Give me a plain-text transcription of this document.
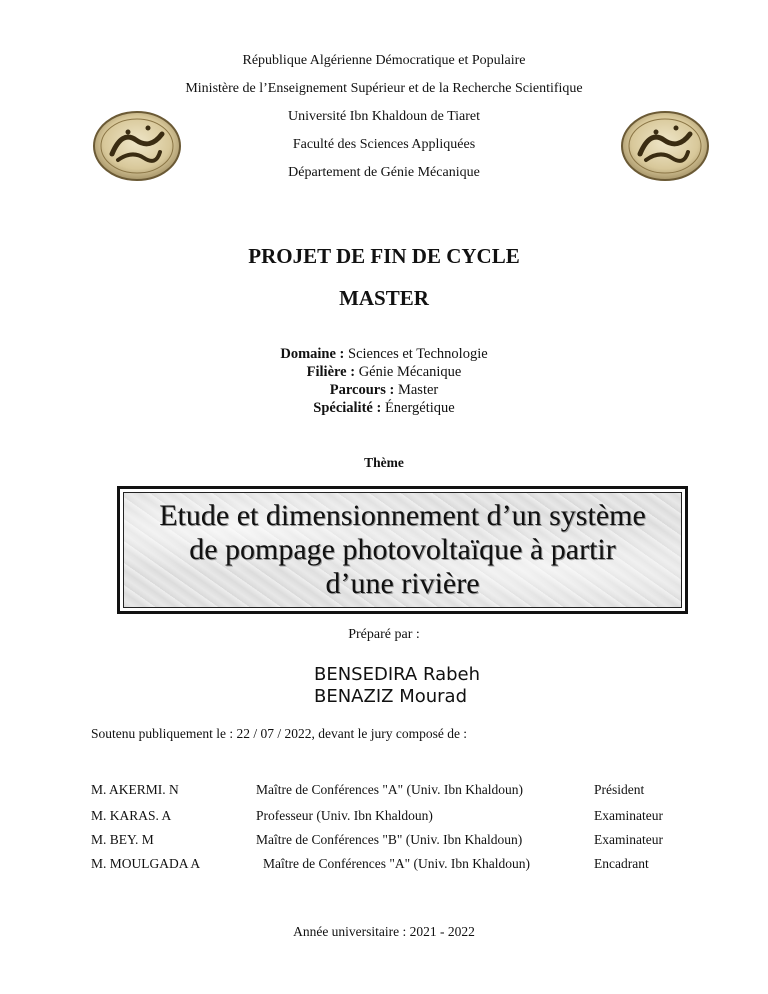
République Algérienne Démocratique et Populaire
Ministère de l’Enseignement Supérieur et de la Recherche Scientifique
Université Ibn Khaldoun de Tiaret
Faculté des Sciences Appliquées
Département de Génie Mécanique
PROJET DE FIN DE CYCLE
MASTER
Domaine : Sciences et Technologie
Filière : Génie Mécanique
Parcours : Master
Spécialité : Énergétique
Thème
Etude et dimensionnement d’un système
de pompage photovoltaïque à partir
d’une rivière
Préparé par :
BENSEDIRA Rabeh
BENAZIZ Mourad
Soutenu publiquement le : 22 / 07 / 2022, devant le jury composé de :
M. AKERMI. N	Maître de Conférences "A" (Univ. Ibn Khaldoun)	Président
M. KARAS. A	Professeur (Univ. Ibn Khaldoun)	Examinateur
M. BEY. M	Maître de Conférences "B" (Univ. Ibn Khaldoun)	Examinateur
M. MOULGADA A	Maître de Conférences "A" (Univ. Ibn Khaldoun)	Encadrant
Année universitaire : 2021 - 2022
